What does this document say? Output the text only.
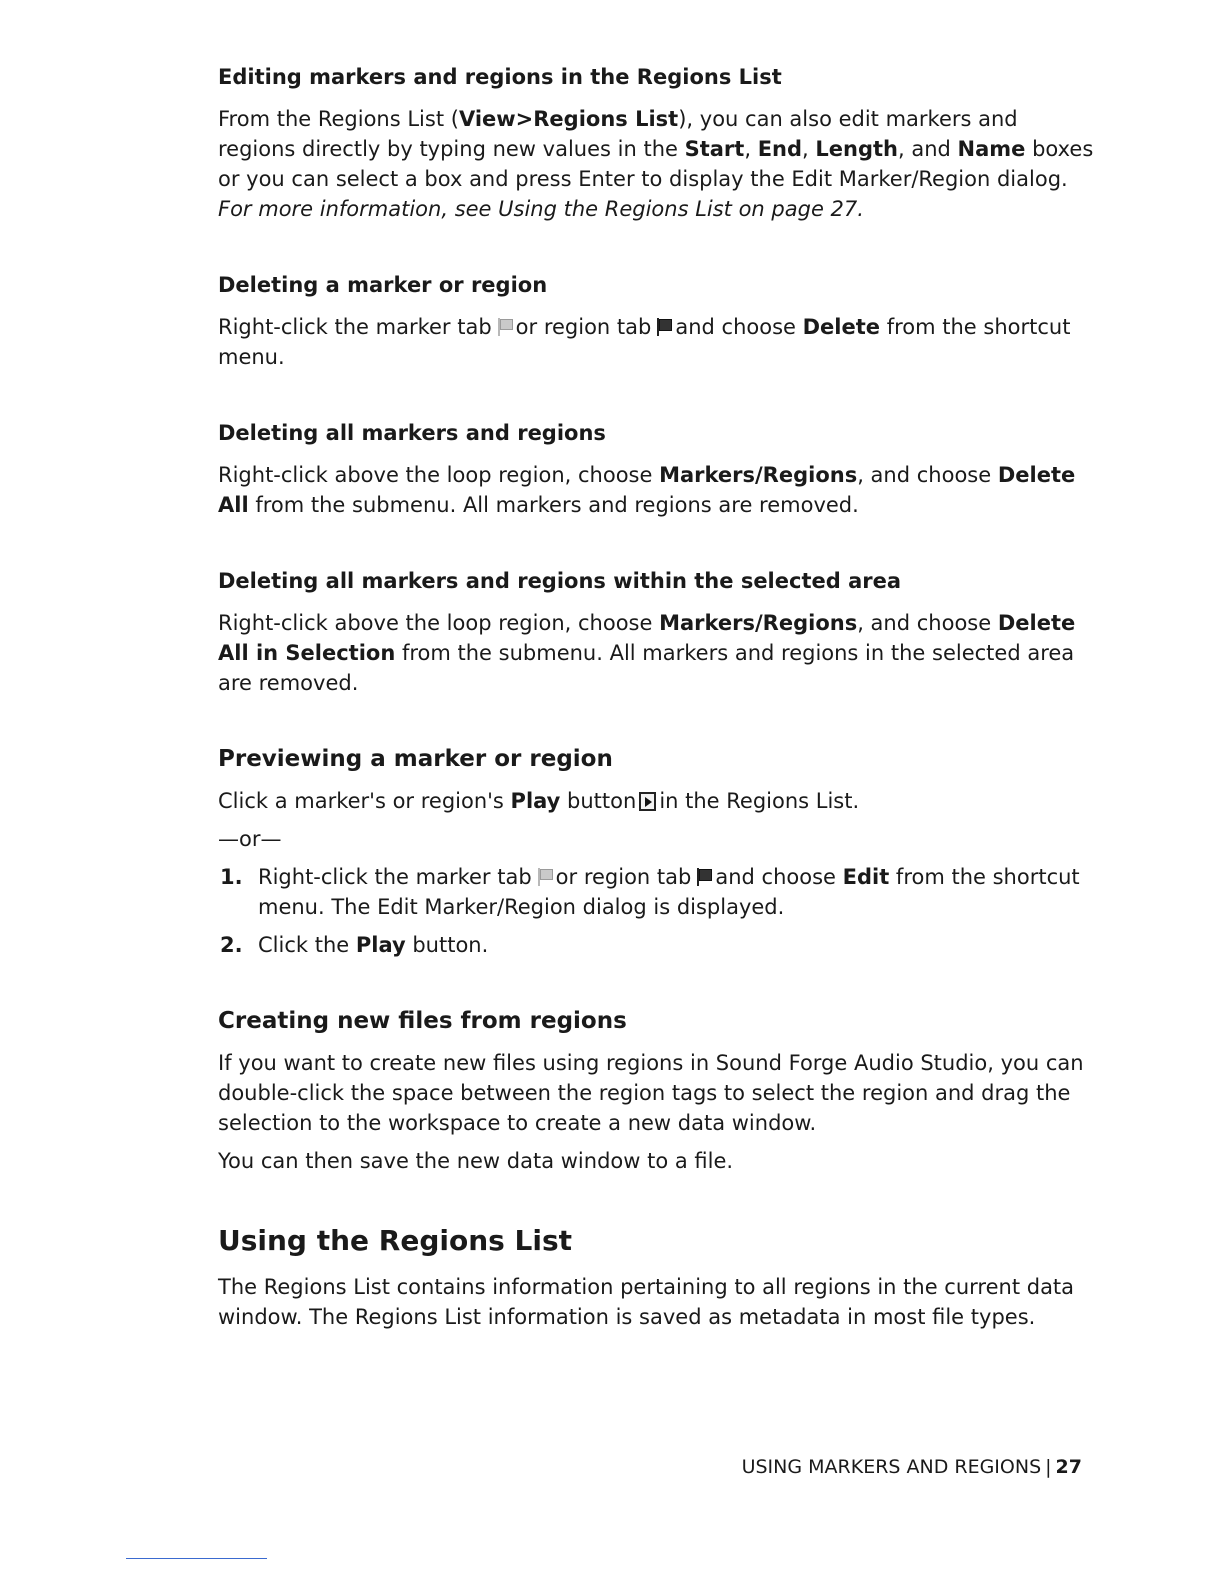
Editing markers and regions in the Regions List

From the Regions List (View>Regions List), you can also edit markers and regions directly by typing new values in the Start, End, Length, and Name boxes or you can select a box and press Enter to display the Edit Marker/Region dialog. For more information, see Using the Regions List on page 27.

Deleting a marker or region

Right-click the marker tab or region tab and choose Delete from the shortcut menu.

Deleting all markers and regions

Right-click above the loop region, choose Markers/Regions, and choose Delete All from the submenu. All markers and regions are removed.

Deleting all markers and regions within the selected area

Right-click above the loop region, choose Markers/Regions, and choose Delete All in Selection from the submenu. All markers and regions in the selected area are removed.

Previewing a marker or region

Click a marker's or region's Play button in the Regions List.

—or—

1. Right-click the marker tab or region tab and choose Edit from the shortcut menu. The Edit Marker/Region dialog is displayed.
2. Click the Play button.
Creating new files from regions

If you want to create new files using regions in Sound Forge Audio Studio, you can double-click the space between the region tags to select the region and drag the selection to the workspace to create a new data window.

You can then save the new data window to a file.

Using the Regions List

The Regions List contains information pertaining to all regions in the current data window. The Regions List information is saved as metadata in most file types.

USING MARKERS AND REGIONS | 27
